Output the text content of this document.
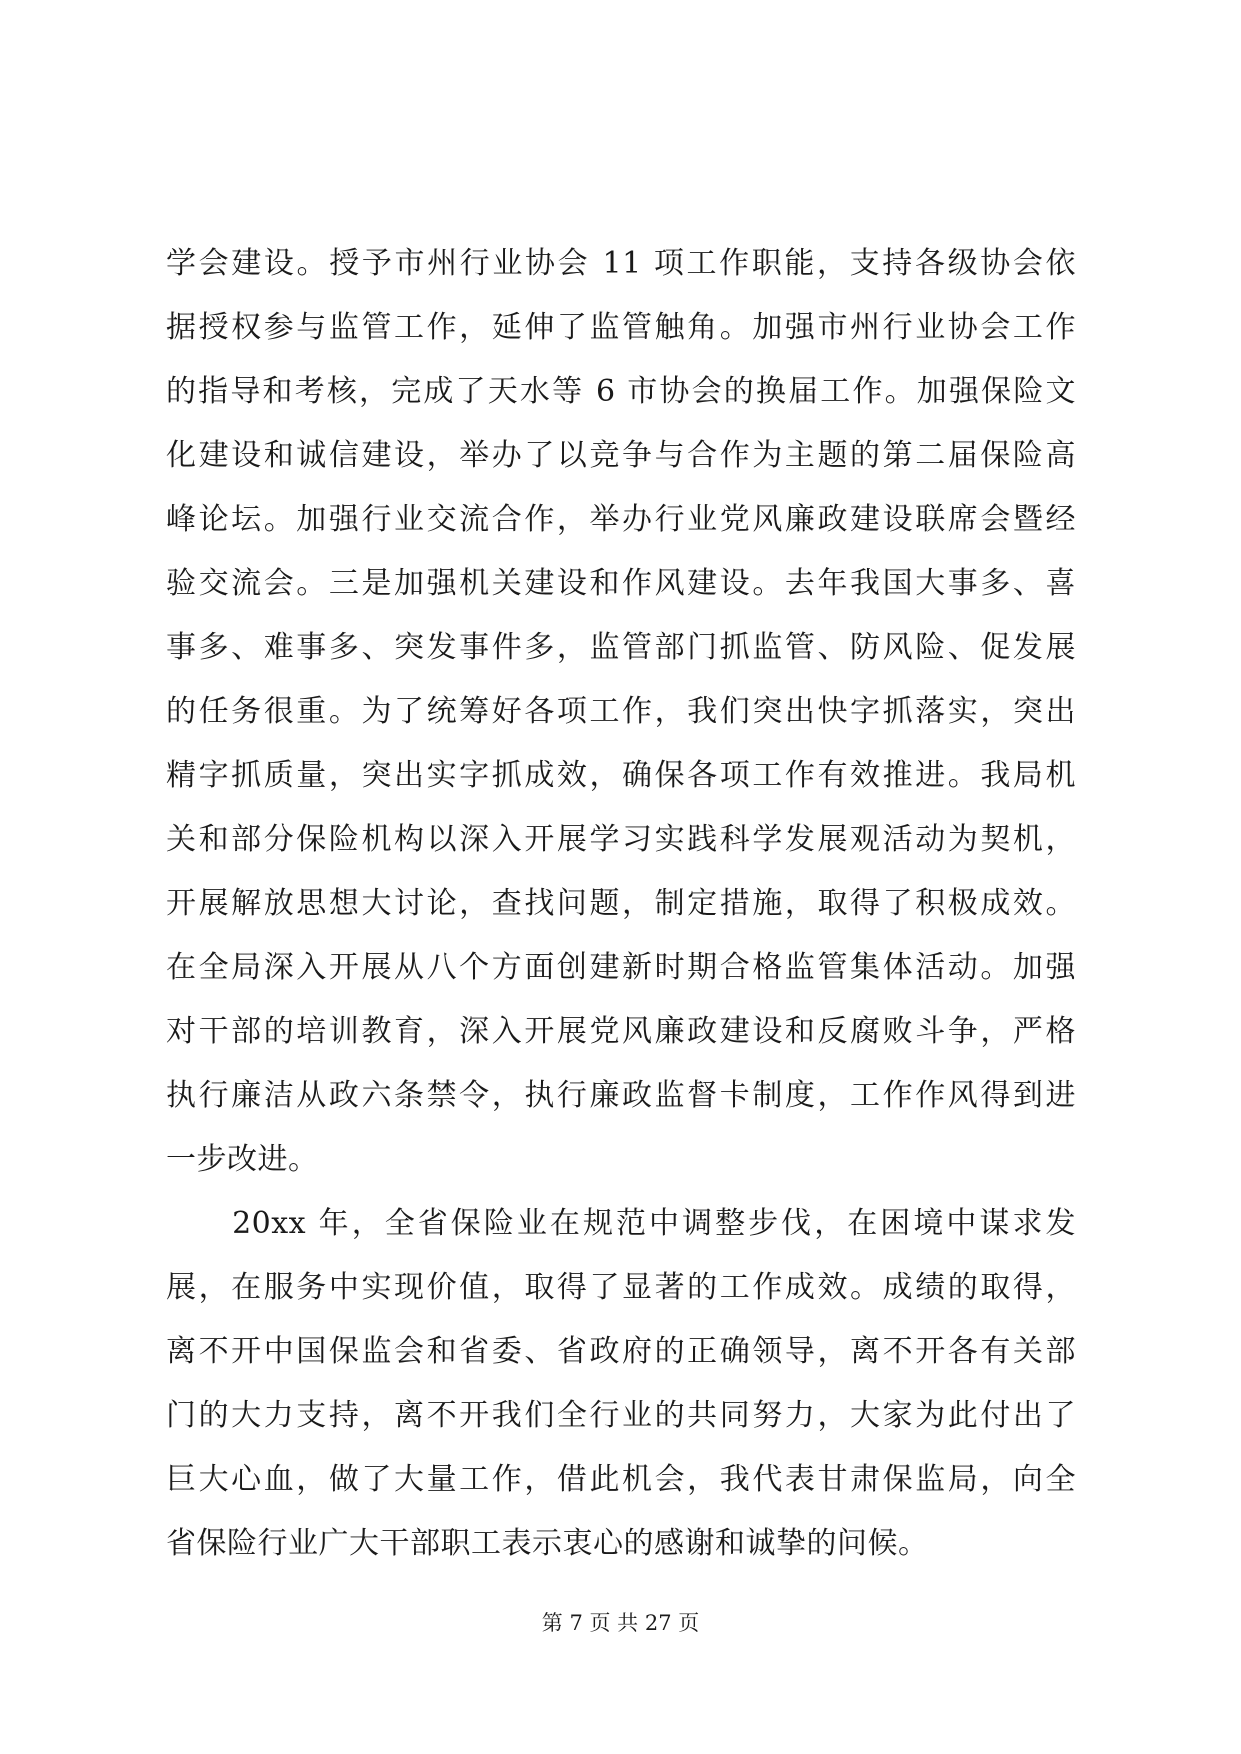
学会建设。授予市州行业协会 11 项工作职能，支持各级协会依
据授权参与监管工作，延伸了监管触角。加强市州行业协会工作
的指导和考核，完成了天水等 6 市协会的换届工作。加强保险文
化建设和诚信建设，举办了以竞争与合作为主题的第二届保险高
峰论坛。加强行业交流合作，举办行业党风廉政建设联席会暨经
验交流会。三是加强机关建设和作风建设。去年我国大事多、喜
事多、难事多、突发事件多，监管部门抓监管、防风险、促发展
的任务很重。为了统筹好各项工作，我们突出快字抓落实，突出
精字抓质量，突出实字抓成效，确保各项工作有效推进。我局机
关和部分保险机构以深入开展学习实践科学发展观活动为契机，
开展解放思想大讨论，查找问题，制定措施，取得了积极成效。
在全局深入开展从八个方面创建新时期合格监管集体活动。加强
对干部的培训教育，深入开展党风廉政建设和反腐败斗争，严格
执行廉洁从政六条禁令，执行廉政监督卡制度，工作作风得到进
一步改进。
　　20xx 年，全省保险业在规范中调整步伐，在困境中谋求发
展，在服务中实现价值，取得了显著的工作成效。成绩的取得，
离不开中国保监会和省委、省政府的正确领导，离不开各有关部
门的大力支持，离不开我们全行业的共同努力，大家为此付出了
巨大心血，做了大量工作，借此机会，我代表甘肃保监局，向全
省保险行业广大干部职工表示衷心的感谢和诚挚的问候。
第 7 页 共 27 页
